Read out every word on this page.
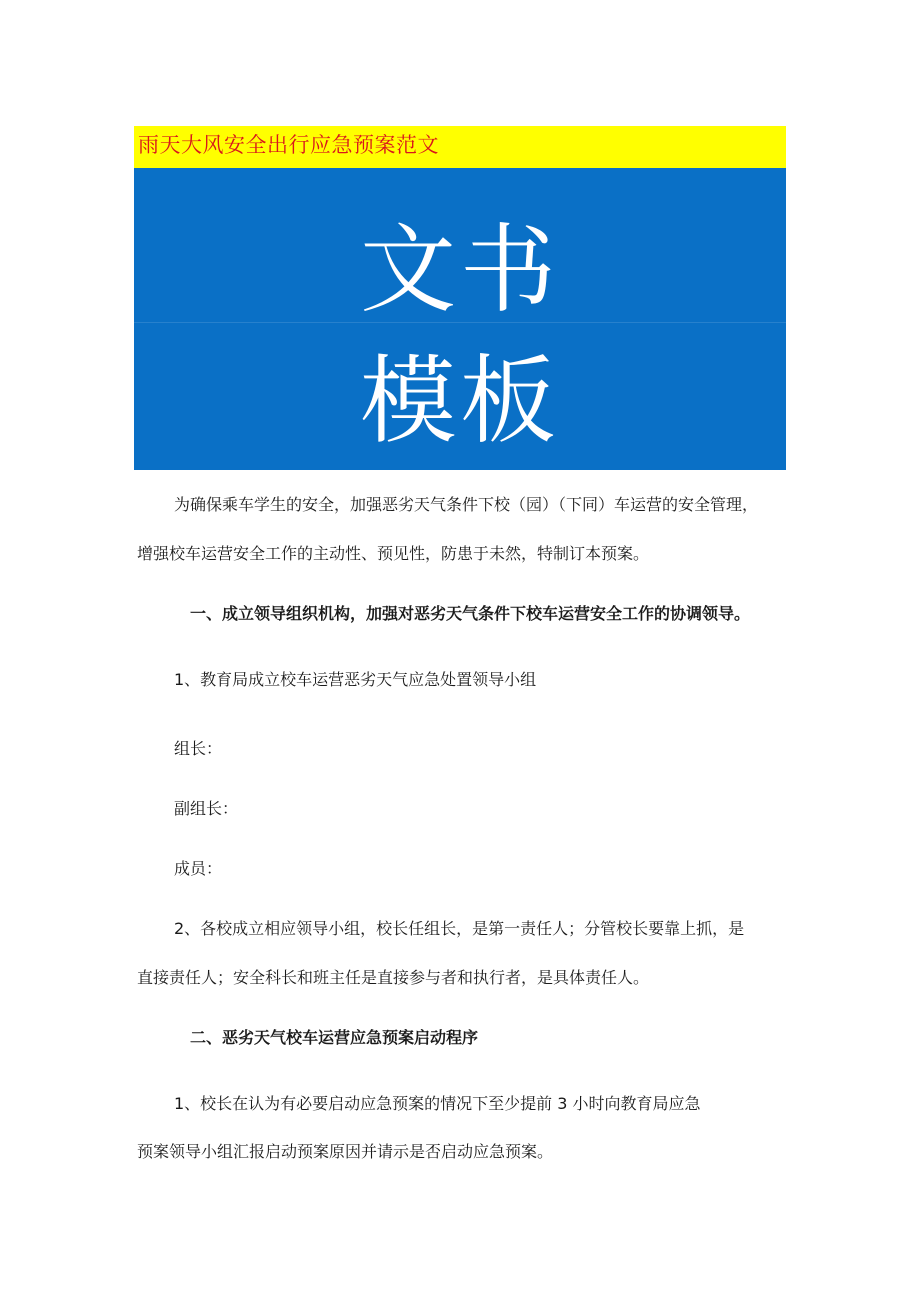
雨天大风安全出行应急预案范文
文书
模板
为确保乘车学生的安全，加强恶劣天气条件下校（园）（下同）车运营的安全管理，
增强校车运营安全工作的主动性、预见性，防患于未然，特制订本预案。
一、成立领导组织机构，加强对恶劣天气条件下校车运营安全工作的协调领导。
1、教育局成立校车运营恶劣天气应急处置领导小组
组长：
副组长：
成员：
2、各校成立相应领导小组，校长任组长，是第一责任人；分管校长要靠上抓，是
直接责任人；安全科长和班主任是直接参与者和执行者，是具体责任人。
二、恶劣天气校车运营应急预案启动程序
1、校长在认为有必要启动应急预案的情况下至少提前 3 小时向教育局应急
预案领导小组汇报启动预案原因并请示是否启动应急预案。
